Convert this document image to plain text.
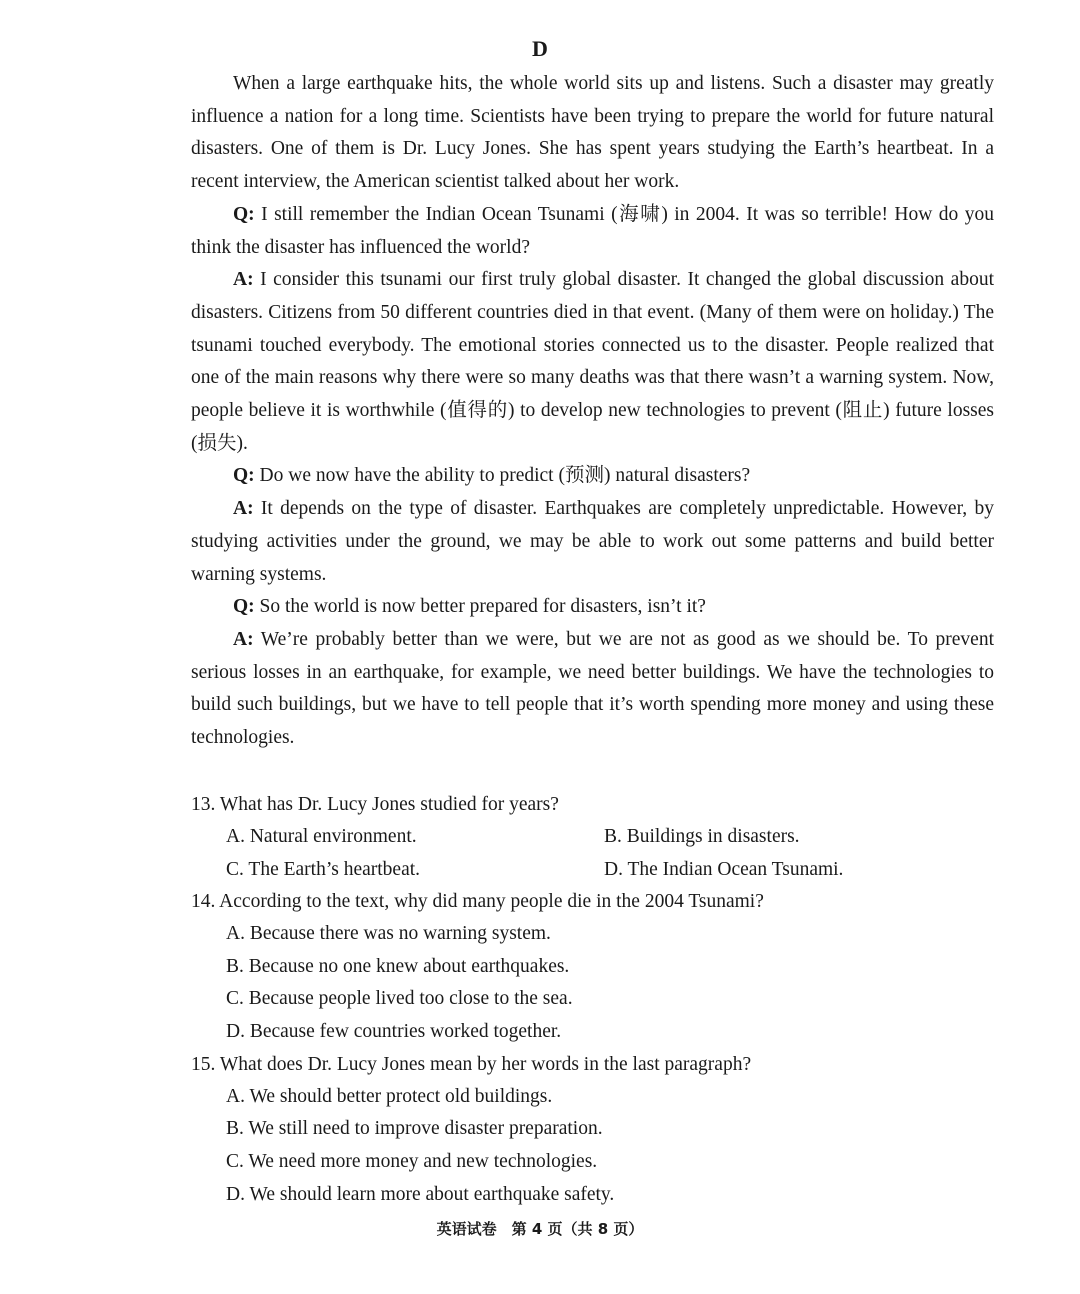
D

When a large earthquake hits, the whole world sits up and listens. Such a disaster may greatly influence a nation for a long time. Scientists have been trying to prepare the world for future natural disasters. One of them is Dr. Lucy Jones. She has spent years studying the Earth’s heartbeat. In a recent interview, the American scientist talked about her work.

Q: I still remember the Indian Ocean Tsunami (海啸) in 2004. It was so terrible! How do you think the disaster has influenced the world?

A: I consider this tsunami our first truly global disaster. It changed the global discussion about disasters. Citizens from 50 different countries died in that event. (Many of them were on holiday.) The tsunami touched everybody. The emotional stories connected us to the disaster. People realized that one of the main reasons why there were so many deaths was that there wasn’t a warning system. Now, people believe it is worthwhile (值得的) to develop new technologies to prevent (阻止) future losses (损失).

Q: Do we now have the ability to predict (预测) natural disasters?

A: It depends on the type of disaster. Earthquakes are completely unpredictable. However, by studying activities under the ground, we may be able to work out some patterns and build better warning systems.

Q: So the world is now better prepared for disasters, isn’t it?

A: We’re probably better than we were, but we are not as good as we should be. To prevent serious losses in an earthquake, for example, we need better buildings. We have the technologies to build such buildings, but we have to tell people that it’s worth spending more money and using these technologies.

13. What has Dr. Lucy Jones studied for years?
A. Natural environment.	B. Buildings in disasters.
C. The Earth’s heartbeat.	D. The Indian Ocean Tsunami.
14. According to the text, why did many people die in the 2004 Tsunami?
A. Because there was no warning system.
B. Because no one knew about earthquakes.
C. Because people lived too close to the sea.
D. Because few countries worked together.
15. What does Dr. Lucy Jones mean by her words in the last paragraph?
A. We should better protect old buildings.
B. We still need to improve disaster preparation.
C. We need more money and new technologies.
D. We should learn more about earthquake safety.
英语试卷　第 4 页（共 8 页）
